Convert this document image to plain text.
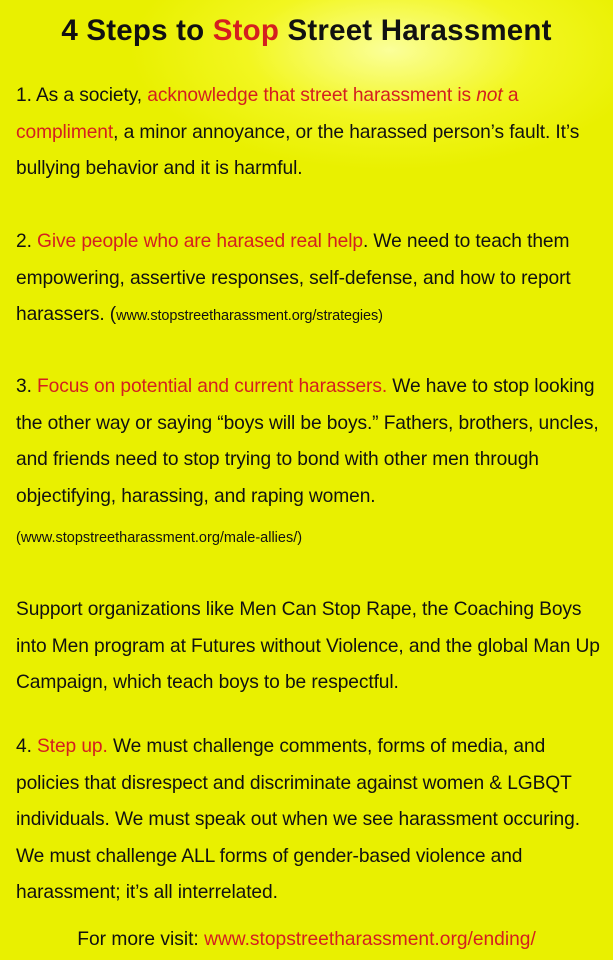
4 Steps to Stop Street Harassment
1. As a society, acknowledge that street harassment is not a compliment, a minor annoyance, or the harassed person’s fault. It’s bullying behavior and it is harmful.
2. Give people who are harased real help. We need to teach them empowering, assertive responses, self-defense, and how to report harassers. (www.stopstreetharassment.org/strategies)
3. Focus on potential and current harassers. We have to stop looking the other way or saying “boys will be boys.” Fathers, brothers, uncles, and friends need to stop trying to bond with other men through objectifying, harassing, and raping women.
(www.stopstreetharassment.org/male-allies/)
Support organizations like Men Can Stop Rape, the Coaching Boys into Men program at Futures without Violence, and the global Man Up Campaign, which teach boys to be respectful.
4. Step up. We must challenge comments, forms of media, and policies that disrespect and discriminate against women & LGBQT individuals. We must speak out when we see harassment occuring. We must challenge ALL forms of gender-based violence and harassment; it’s all interrelated.
For more visit: www.stopstreetharassment.org/ending/
